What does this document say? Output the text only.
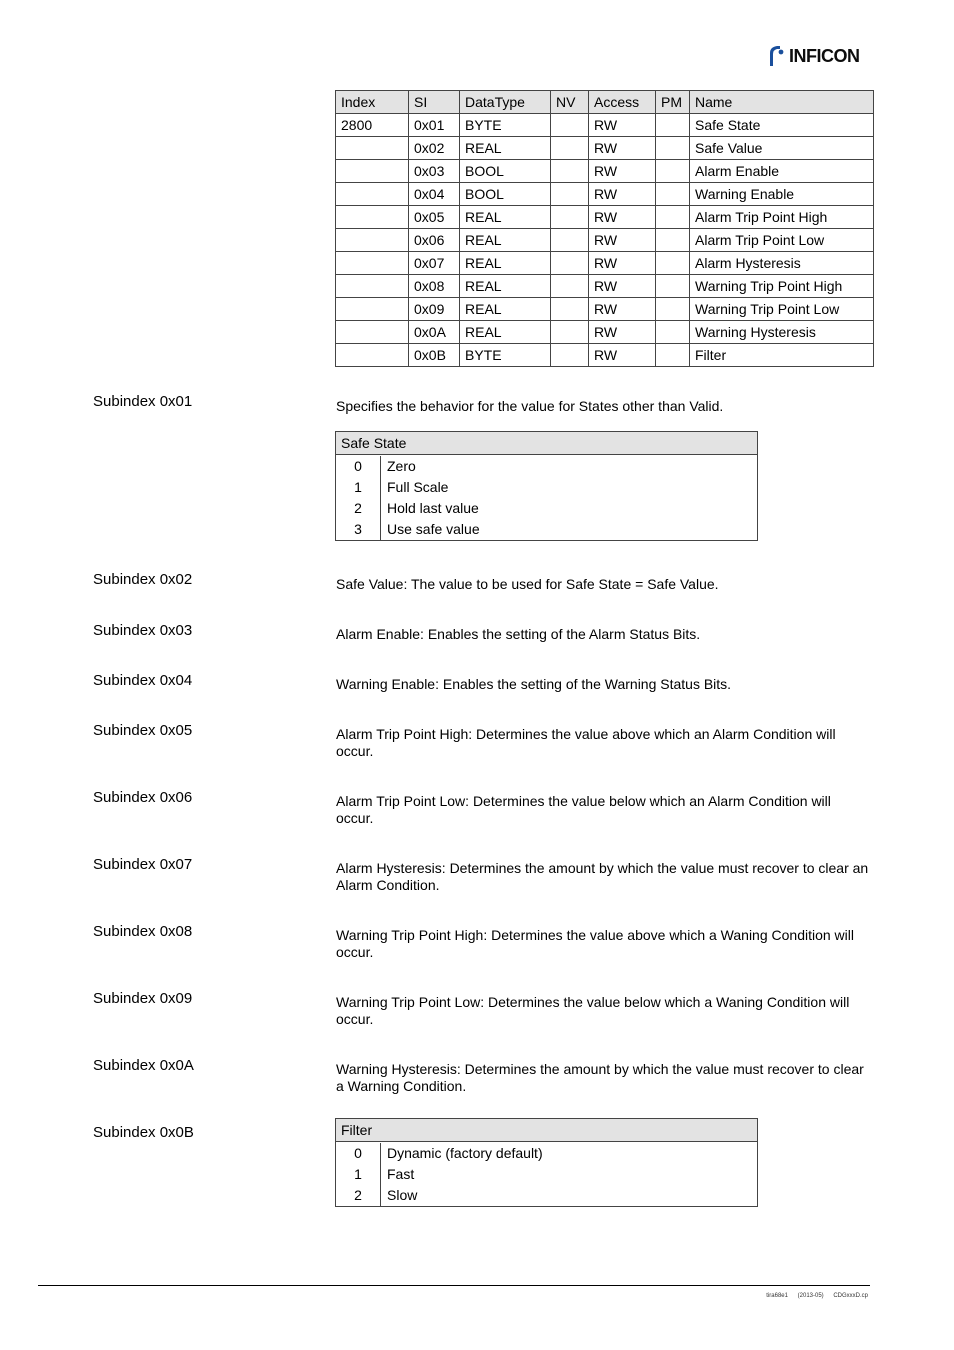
INFICON
Index	SI	DataType	NV	Access	PM	Name
2800	0x01	BYTE		RW		Safe State
	0x02	REAL		RW		Safe Value
	0x03	BOOL		RW		Alarm Enable
	0x04	BOOL		RW		Warning Enable
	0x05	REAL		RW		Alarm Trip Point High
	0x06	REAL		RW		Alarm Trip Point Low
	0x07	REAL		RW		Alarm Hysteresis
	0x08	REAL		RW		Warning Trip Point High
	0x09	REAL		RW		Warning Trip Point Low
	0x0A	REAL		RW		Warning Hysteresis
	0x0B	BYTE		RW		Filter
Subindex 0x01	Specifies the behavior for the value for States other than Valid.
Safe State
0	Zero
1	Full Scale
2	Hold last value
3	Use safe value
Subindex 0x02	Safe Value: The value to be used for Safe State = Safe Value.
Subindex 0x03	Alarm Enable: Enables the setting of the Alarm Status Bits.
Subindex 0x04	Warning Enable: Enables the setting of the Warning Status Bits.
Subindex 0x05	Alarm Trip Point High: Determines the value above which an Alarm Condition will occur.
Subindex 0x06	Alarm Trip Point Low: Determines the value below which an Alarm Condition will occur.
Subindex 0x07	Alarm Hysteresis: Determines the amount by which the value must recover to clear an Alarm Condition.
Subindex 0x08	Warning Trip Point High: Determines the value above which a Waning Condition will occur.
Subindex 0x09	Warning Trip Point Low: Determines the value below which a Waning Condition will occur.
Subindex 0x0A	Warning Hysteresis: Determines the amount by which the value must recover to clear a Warning Condition.
Subindex 0x0B	Filter
0	Dynamic (factory default)
1	Fast
2	Slow
tira68e1 (2013-05) CDGxxxD.cp
